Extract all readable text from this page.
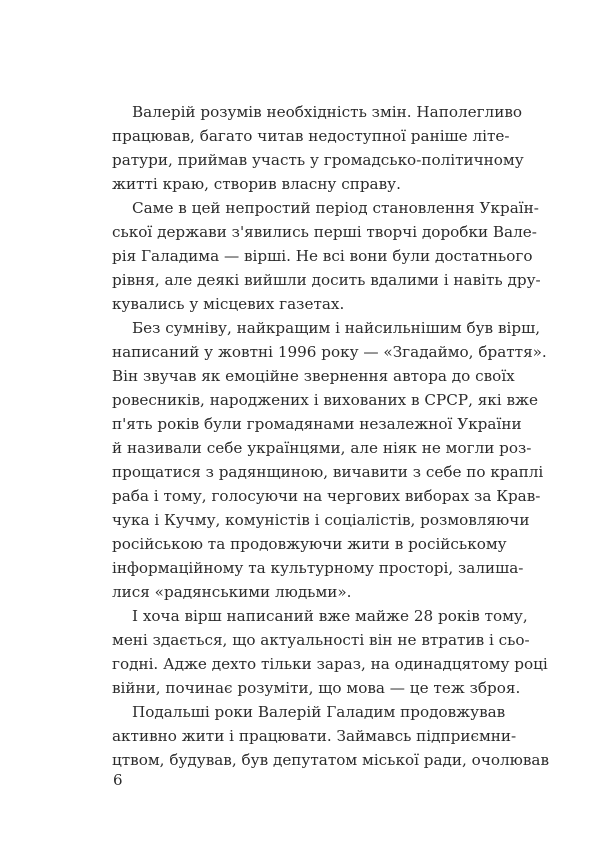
Валерій розумів необхідність змін. Наполегливо
працював, багато читав недоступної раніше літе-
ратури, приймав участь у громадсько-політичному
житті краю, створив власну справу.
Саме в цей непростий період становлення Україн-
ської держави з'явились перші творчі доробки Вале-
рія Галадима — вірші. Не всі вони були достатнього
рівня, але деякі вийшли досить вдалими і навіть дру-
кувались у місцевих газетах.
Без сумніву, найкращим і найсильнішим був вірш,
написаний у жовтні 1996 року — «Згадаймо, браття».
Він звучав як емоційне звернення автора до своїх
ровесників, народжених і вихованих в СРСР, які вже
п'ять років були громадянами незалежної України
й називали себе українцями, але ніяк не могли роз-
прощатися з радянщиною, вичавити з себе по краплі
раба і тому, голосуючи на чергових виборах за Крав-
чука і Кучму, комуністів і соціалістів, розмовляючи
російською та продовжуючи жити в російському
інформаційному та культурному просторі, залиша-
лися «радянськими людьми».
І хоча вірш написаний вже майже 28 років тому,
мені здається, що актуальності він не втратив і сьо-
годні. Адже дехто тільки зараз, на одинадцятому році
війни, починає розуміти, що мова — це теж зброя.
Подальші роки Валерій Галадим продовжував
активно жити і працювати. Займавсь підприємни-
цтвом, будував, був депутатом міської ради, очолював
6
